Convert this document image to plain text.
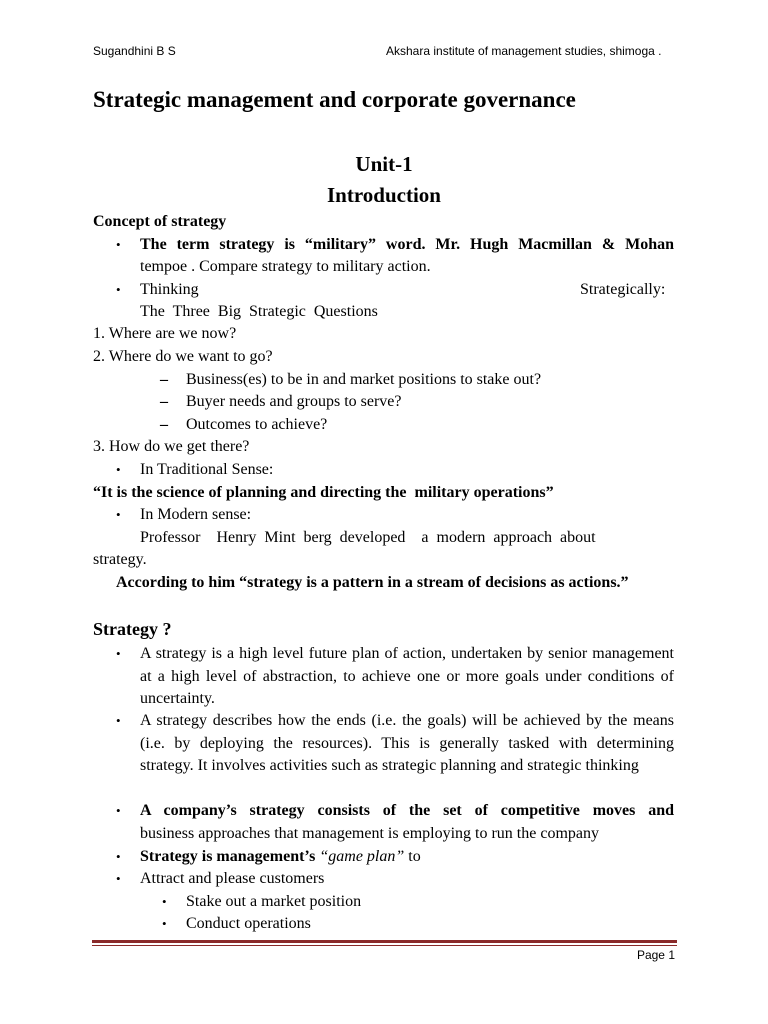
Sugandhini B S	Akshara institute of management studies, shimoga .
Strategic management and corporate governance
Unit-1
Introduction
Concept of strategy
• The term strategy is “military” word. Mr. Hugh Macmillan & Mohan
tempoe . Compare strategy to military action.
• Thinking	Strategically:
The  Three  Big  Strategic  Questions
1. Where are we now?
2. Where do we want to go?
– Business(es) to be in and market positions to stake out?
– Buyer needs and groups to serve?
– Outcomes to achieve?
3. How do we get there?
• In Traditional Sense:
“It is the science of planning and directing the  military operations”
• In Modern sense:
Professor    Henry  Mint  berg  developed    a  modern  approach  about
strategy.
According to him “strategy is a pattern in a stream of decisions as actions.”
Strategy ?
• A strategy is a high level future plan of action, undertaken by senior management at a high level of abstraction, to achieve one or more goals under conditions of uncertainty.
• A strategy describes how the ends (i.e. the goals) will be achieved by the means (i.e. by deploying the resources). This is generally tasked with determining strategy. It involves activities such as strategic planning and strategic thinking
• A company’s strategy consists of the set of competitive moves and
business approaches that management is employing to run the company
• Strategy is management’s “game plan” to
• Attract and please customers
• Stake out a market position
• Conduct operations
Page 1
